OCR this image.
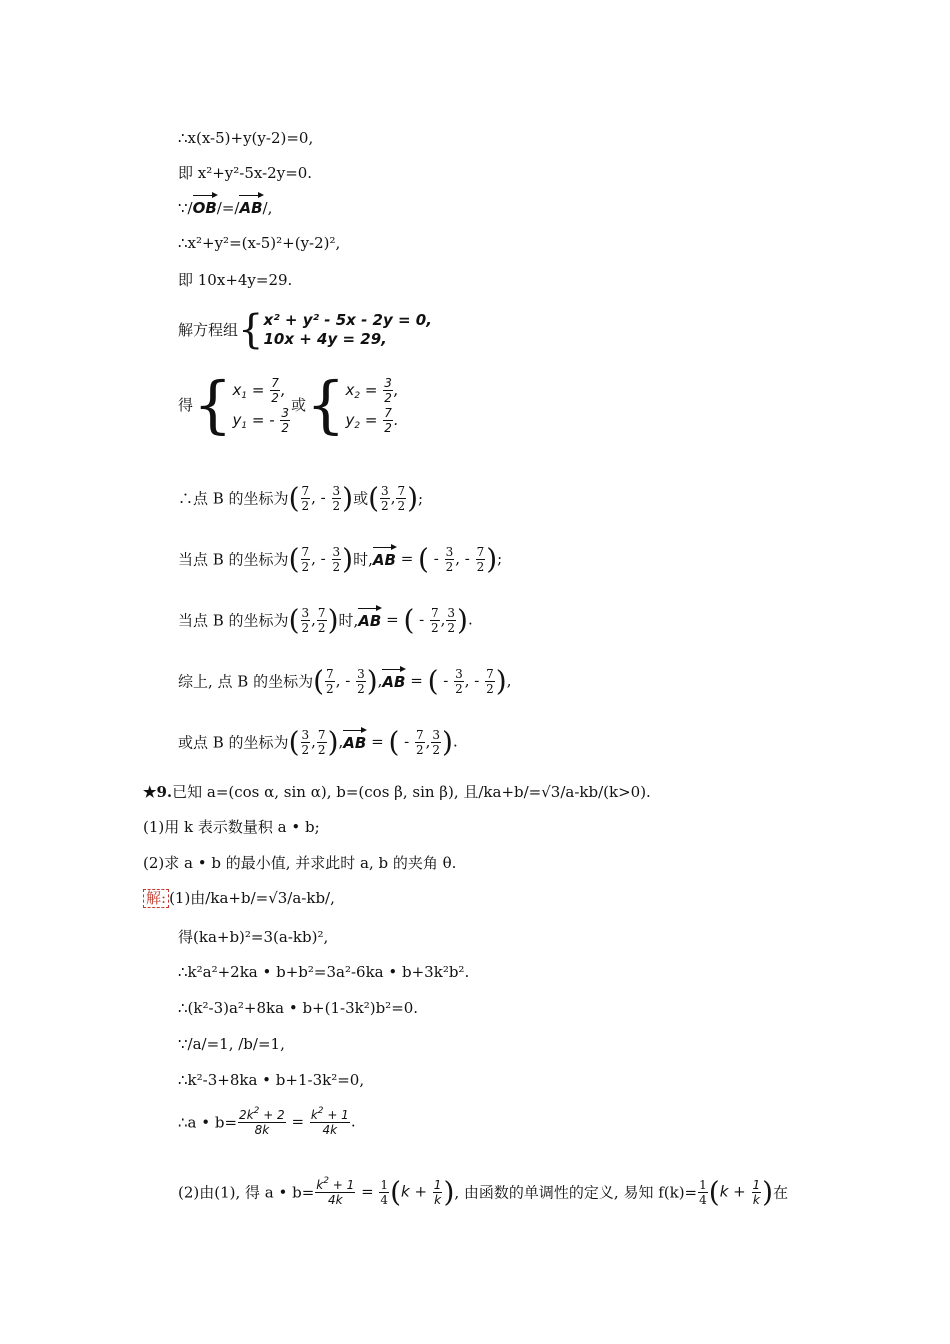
∴x(x-5)+y(y-2)=0,
即 x²+y²-5x-2y=0.
∵/OB/=/AB/,
∴x²+y²=(x-5)²+(y-2)²,
即 10x+4y=29.
解方程组{ x² + y² - 5x - 2y = 0,
10x + 4y = 29,
得{ $x_1 = \frac{7}{2}$ ,
$y_1$ = - $\frac{3}{2}$
或{ $x_2 = \frac{3}{2}$ ,
$y_2 = \frac{7}{2}$ .
∴点 B 的坐标为( $\frac{7}{2}$ , - $\frac{3}{2}$ )或( $\frac{3}{2}$ , $\frac{7}{2}$ );
当点 B 的坐标为( $\frac{7}{2}$ , - $\frac{3}{2}$ )时,AB = ( - $\frac{3}{2}$ , - $\frac{7}{2}$ );
当点 B 的坐标为( $\frac{3}{2}$ , $\frac{7}{2}$ )时,AB = ( - $\frac{7}{2}$ , $\frac{3}{2}$ ).
综上, 点 B 的坐标为( $\frac{7}{2}$ , - $\frac{3}{2} ),AB$ = ( - $\frac{3}{2}$ , - $\frac{7}{2}$ ),
或点 B 的坐标为( $\frac{3}{2}$ , $\frac{7}{2} ),AB$ = ( - $\frac{7}{2}$ , $\frac{3}{2}$ ).
★9.已知 a=(cos α, sin α), b=(cos β, sin β), 且/ka+b/=√3/a-kb/(k>0).
(1)用 k 表示数量积 a • b;
(2)求 a • b 的最小值, 并求此时 a, b 的夹角 θ.
解: (1)由/ka+b/=√3/a-kb/,
得(ka+b)²=3(a-kb)²,
∴k²a²+2ka • b+b²=3a²-6ka • b+3k²b².
∴(k²-3)a²+8ka • b+(1-3k²)b²=0.
∵/a/=1, /b/=1,
∴k²-3+8ka • b+1-3k²=0,
∴a • $b= \frac{2k^2 + 2}{8k} = \frac{k^2 + 1}{4k}$ .
(2)由(1), 得 a • $b= \frac{k^2 + 1}{4k} = \frac{1}{4} (k + \frac{1}{k}$ ), 由函数的单调性的定义, 易知 $f(k)= \frac{1}{4} (k + \frac{1}{k}$ )在
